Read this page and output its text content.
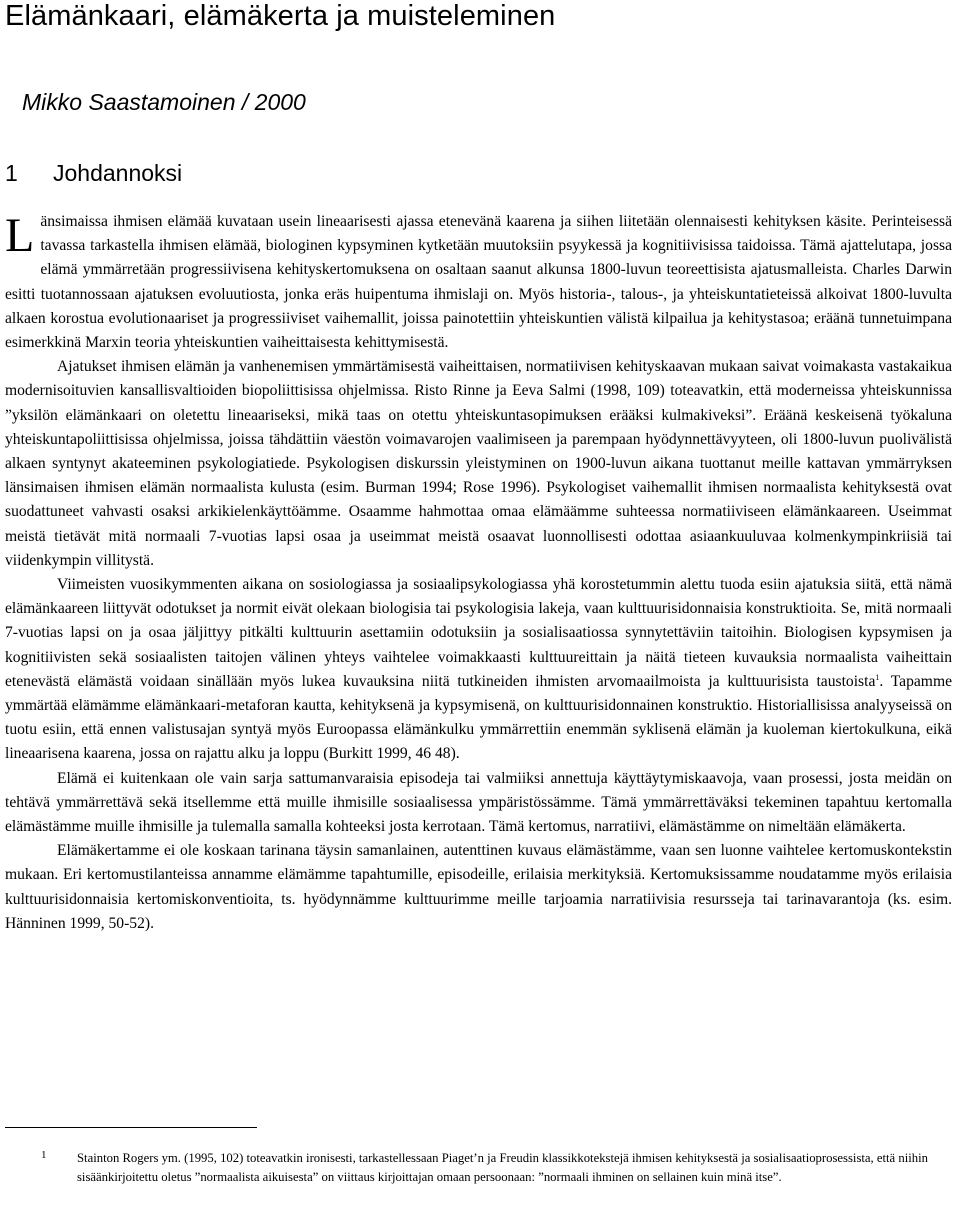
Elämänkaari, elämäkerta ja muisteleminen
Mikko Saastamoinen / 2000
1 Johdannoksi

Länsimaissa ihmisen elämää kuvataan usein lineaarisesti ajassa etenevänä kaarena ja siihen liitetään olennaisesti kehityksen käsite. Perinteisessä tavassa tarkastella ihmisen elämää, biologinen kypsyminen kytketään muutoksiin psyykessä ja kognitiivisissa taidoissa. Tämä ajattelutapa, jossa elämä ymmärretään progressiivisena kehityskertomuksena on osaltaan saanut alkunsa 1800-luvun teoreettisista ajatusmalleista. Charles Darwin esitti tuotannossaan ajatuksen evoluutiosta, jonka eräs huipentuma ihmislaji on. Myös historia-, talous-, ja yhteiskuntatieteissä alkoivat 1800-luvulta alkaen korostua evolutionaariset ja progressiiviset vaihemallit, joissa painotettiin yhteiskuntien välistä kilpailua ja kehitystasoa; eräänä tunnetuimpana esimerkkinä Marxin teoria yhteiskuntien vaiheittaisesta kehittymisestä.

Ajatukset ihmisen elämän ja vanhenemisen ymmärtämisestä vaiheittaisen, normatiivisen kehityskaavan mukaan saivat voimakasta vastakaikua modernisoituvien kansallisvaltioiden biopoliittisissa ohjelmissa. Risto Rinne ja Eeva Salmi (1998, 109) toteavatkin, että moderneissa yhteiskunnissa ”yksilön elämänkaari on oletettu lineaariseksi, mikä taas on otettu yhteiskuntasopimuksen erääksi kulmakiveksi”. Eräänä keskeisenä työkaluna yhteiskuntapoliittisissa ohjelmissa, joissa tähdättiin väestön voimavarojen vaalimiseen ja parempaan hyödynnettävyyteen, oli 1800-luvun puolivälistä alkaen syntynyt akateeminen psykologiatiede. Psykologisen diskurssin yleistyminen on 1900-luvun aikana tuottanut meille kattavan ymmärryksen länsimaisen ihmisen elämän normaalista kulusta (esim. Burman 1994; Rose 1996). Psykologiset vaihemallit ihmisen normaalista kehityksestä ovat suodattuneet vahvasti osaksi arkikielenkäyttöämme. Osaamme hahmottaa omaa elämäämme suhteessa normatiiviseen elämänkaareen. Useimmat meistä tietävät mitä normaali 7-vuotias lapsi osaa ja useimmat meistä osaavat luonnollisesti odottaa asiaankuuluvaa kolmenkympinkriisiä tai viidenkympin villitystä.

Viimeisten vuosikymmenten aikana on sosiologiassa ja sosiaalipsykologiassa yhä korostetummin alettu tuoda esiin ajatuksia siitä, että nämä elämänkaareen liittyvät odotukset ja normit eivät olekaan biologisia tai psykologisia lakeja, vaan kulttuurisidonnaisia konstruktioita. Se, mitä normaali 7-vuotias lapsi on ja osaa jäljittyy pitkälti kulttuurin asettamiin odotuksiin ja sosialisaatiossa synnytettäviin taitoihin. Biologisen kypsymisen ja kognitiivisten sekä sosiaalisten taitojen välinen yhteys vaihtelee voimakkaasti kulttuureittain ja näitä tieteen kuvauksia normaalista vaiheittain etenevästä elämästä voidaan sinällään myös lukea kuvauksina niitä tutkineiden ihmisten arvomaailmoista ja kulttuurisista taustoista$^1$. Tapamme ymmärtää elämämme elämänkaari-metaforan kautta, kehityksenä ja kypsymisenä, on kulttuurisidonnainen konstruktio. Historiallisissa analyyseissä on tuotu esiin, että ennen valistusajan syntyä myös Euroopassa elämänkulku ymmärrettiin enemmän syklisenä elämän ja kuoleman kiertokulkuna, eikä lineaarisena kaarena, jossa on rajattu alku ja loppu (Burkitt 1999, 46 48).

Elämä ei kuitenkaan ole vain sarja sattumanvaraisia episodeja tai valmiiksi annettuja käyttäytymiskaavoja, vaan prosessi, josta meidän on tehtävä ymmärrettävä sekä itsellemme että muille ihmisille sosiaalisessa ympäristössämme. Tämä ymmärrettäväksi tekeminen tapahtuu kertomalla elämästämme muille ihmisille ja tulemalla samalla kohteeksi josta kerrotaan. Tämä kertomus, narratiivi, elämästämme on nimeltään elämäkerta.

Elämäkertamme ei ole koskaan tarinana täysin samanlainen, autenttinen kuvaus elämästämme, vaan sen luonne vaihtelee kertomuskontekstin mukaan. Eri kertomustilanteissa annamme elämämme tapahtumille, episodeille, erilaisia merkityksiä. Kertomuksissamme noudatamme myös erilaisia kulttuurisidonnaisia kertomiskonventioita, ts. hyödynnämme kulttuurimme meille tarjoamia narratiivisia resursseja tai tarinavarantoja (ks. esim. Hänninen 1999, 50-52).

1 Stainton Rogers ym. (1995, 102) toteavatkin ironisesti, tarkastellessaan Piaget’n ja Freudin klassikkotekstejä ihmisen kehityksestä ja sosialisaatioprosessista, että niihin sisäänkirjoitettu oletus ”normaalista aikuisesta” on viittaus kirjoittajan omaan persoonaan: ”normaali ihminen on sellainen kuin minä itse”.
